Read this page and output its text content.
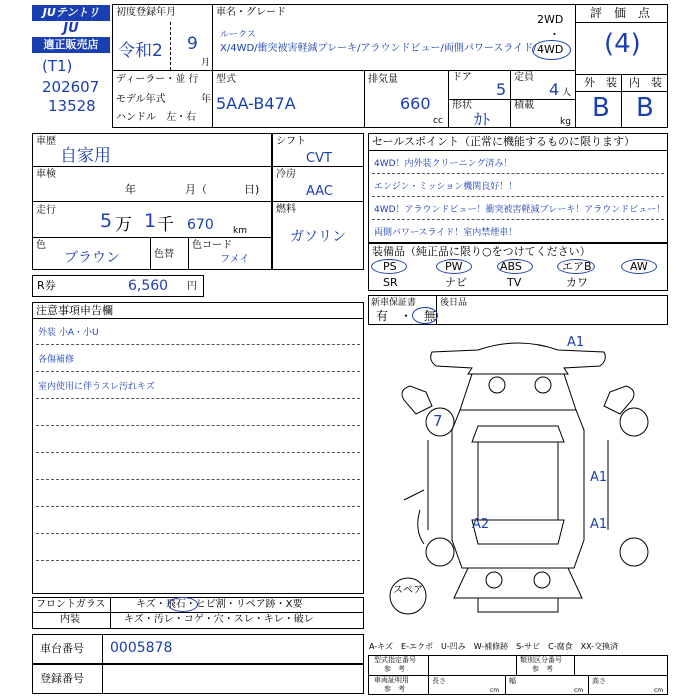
JUテントリ
JU
適正販売店
(T1)
202607
13528
初度登録年月
令和2 9
月
車名・グレード
ルークス
X/4WD/衝突被害軽減ブレーキ/アラウンドビュー/両側パワースライド/
2WD
・
4WD
評　価　点
(4)
外　装 内　装
B B
ディーラー・並 行
モデル年式	年
ハンドル　左・右
型式
5AA-B47A
排気量
660
cc
ドア
5
定員
4 人
形状
ｶﾄ
積載
kg
車歴
自家用
車検
年	月（	日)
走行 5 万 1 千 670 km
色
ブラウン	色替
色コード
フメイ
シフト
CVT
冷房
AAC
燃料
ガソリン
セールスポイント（正常に機能するものに限ります）
4WD！内外装クリーニング済み！
エンジン・ミッション機関良好！！
4WD！アラウンドビュー！衝突被害軽減ブレーキ！アラウンドビュー！
両側パワースライド！室内禁煙車！
装備品（純正品に限り○をつけてください）
PS	PW	ABS	エアB	AW
SR	ナビ	TV	カワ
R券	6,560 円
注意事項申告欄
外装 小A・小U
各傷補修
室内使用に伴うスレ汚れキズ
新車保証書
有　・　無
後日品
A1
7
A1
A2	A1
スペア
フロントガラス	キズ・飛石・ヒビ割・リペア跡・X要
内装	キズ・汚レ・コゲ・穴・スレ・キレ・破レ
車台番号 0005878
登録番号
A-キズ　E-エクボ　U-凹み　W-補修跡　S-サビ　C-腐食　XX-交換済
型式指定番号
参　考
類別区分番号
参　考
車両証明用
参　考
長さ
cm
幅
cm
高さ
cm
